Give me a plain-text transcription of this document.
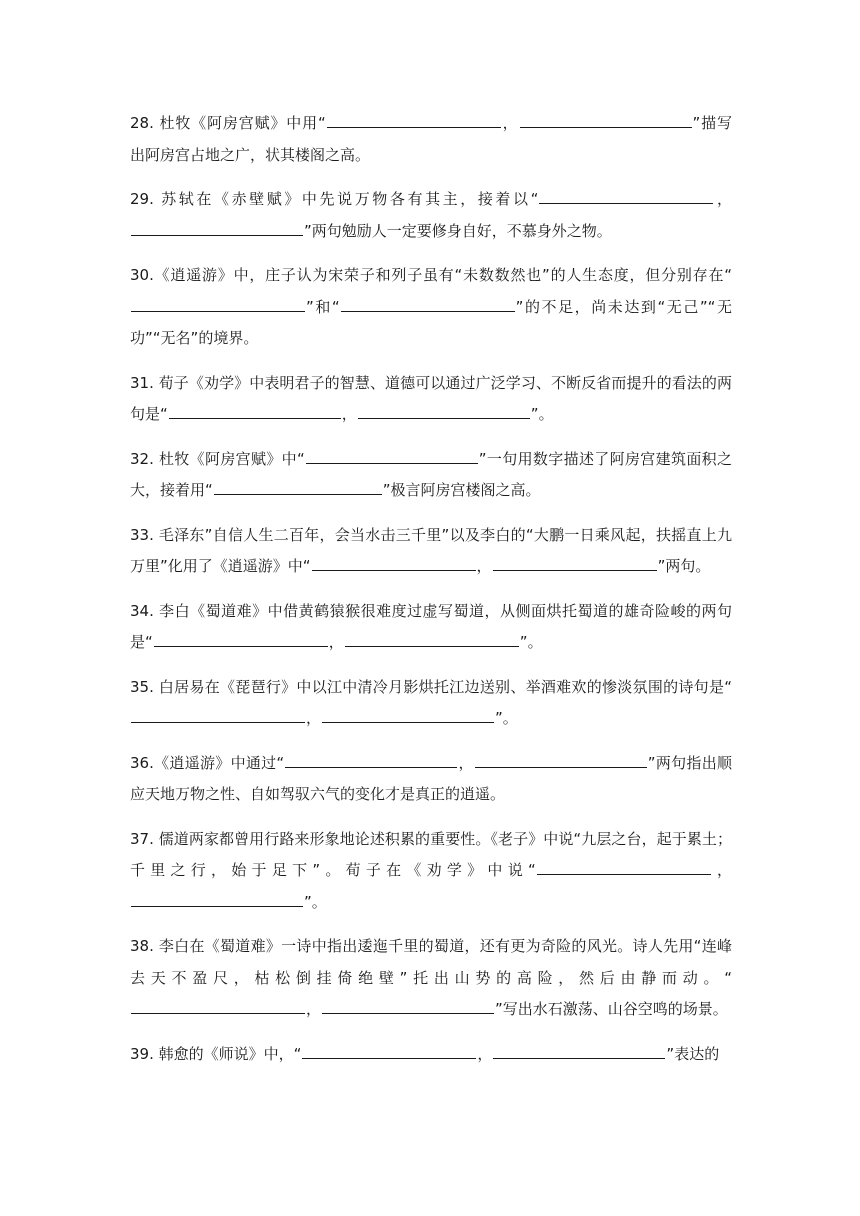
28. 杜牧《阿房宫赋》中用“	，	”描写出阿房宫占地之广，状其楼阁之高。

29. 苏轼在《赤壁赋》中先说万物各有其主，接着以“	，”两句勉励人一定要修身自好，不慕身外之物。

30.《逍遥游》中，庄子认为宋荣子和列子虽有“未数数然也”的人生态度，但分别存在“”和“	”的不足，尚未达到“无己”“无功”“无名”的境界。

31. 荀子《劝学》中表明君子的智慧、道德可以通过广泛学习、不断反省而提升的看法的两句是“	，	”。

32. 杜牧《阿房宫赋》中“	”一句用数字描述了阿房宫建筑面积之大，接着用“	”极言阿房宫楼阁之高。

33. 毛泽东”自信人生二百年，会当水击三千里”以及李白的“大鹏一日乘风起，扶摇直上九万里”化用了《逍遥游》中“	，	”两句。

34. 李白《蜀道难》中借黄鹤猿猴很难度过虚写蜀道，从侧面烘托蜀道的雄奇险峻的两句是“	，	”。

35. 白居易在《琵琶行》中以江中清冷月影烘托江边送别、举酒难欢的惨淡氛围的诗句是“，	”。

36.《逍遥游》中通过“	，	”两句指出顺应天地万物之性、自如驾驭六气的变化才是真正的逍遥。

37. 儒道两家都曾用行路来形象地论述积累的重要性。《老子》中说“九层之台，起于累土；千里之行，始于足下”。荀子在《劝学》中说“	，”。

38. 李白在《蜀道难》一诗中指出逶迤千里的蜀道，还有更为奇险的风光。诗人先用“连峰去天不盈尺，枯松倒挂倚绝壁”托出山势的高险，然后由静而动。“，	”写出水石激荡、山谷空鸣的场景。

39. 韩愈的《师说》中，“	，	”表达的
